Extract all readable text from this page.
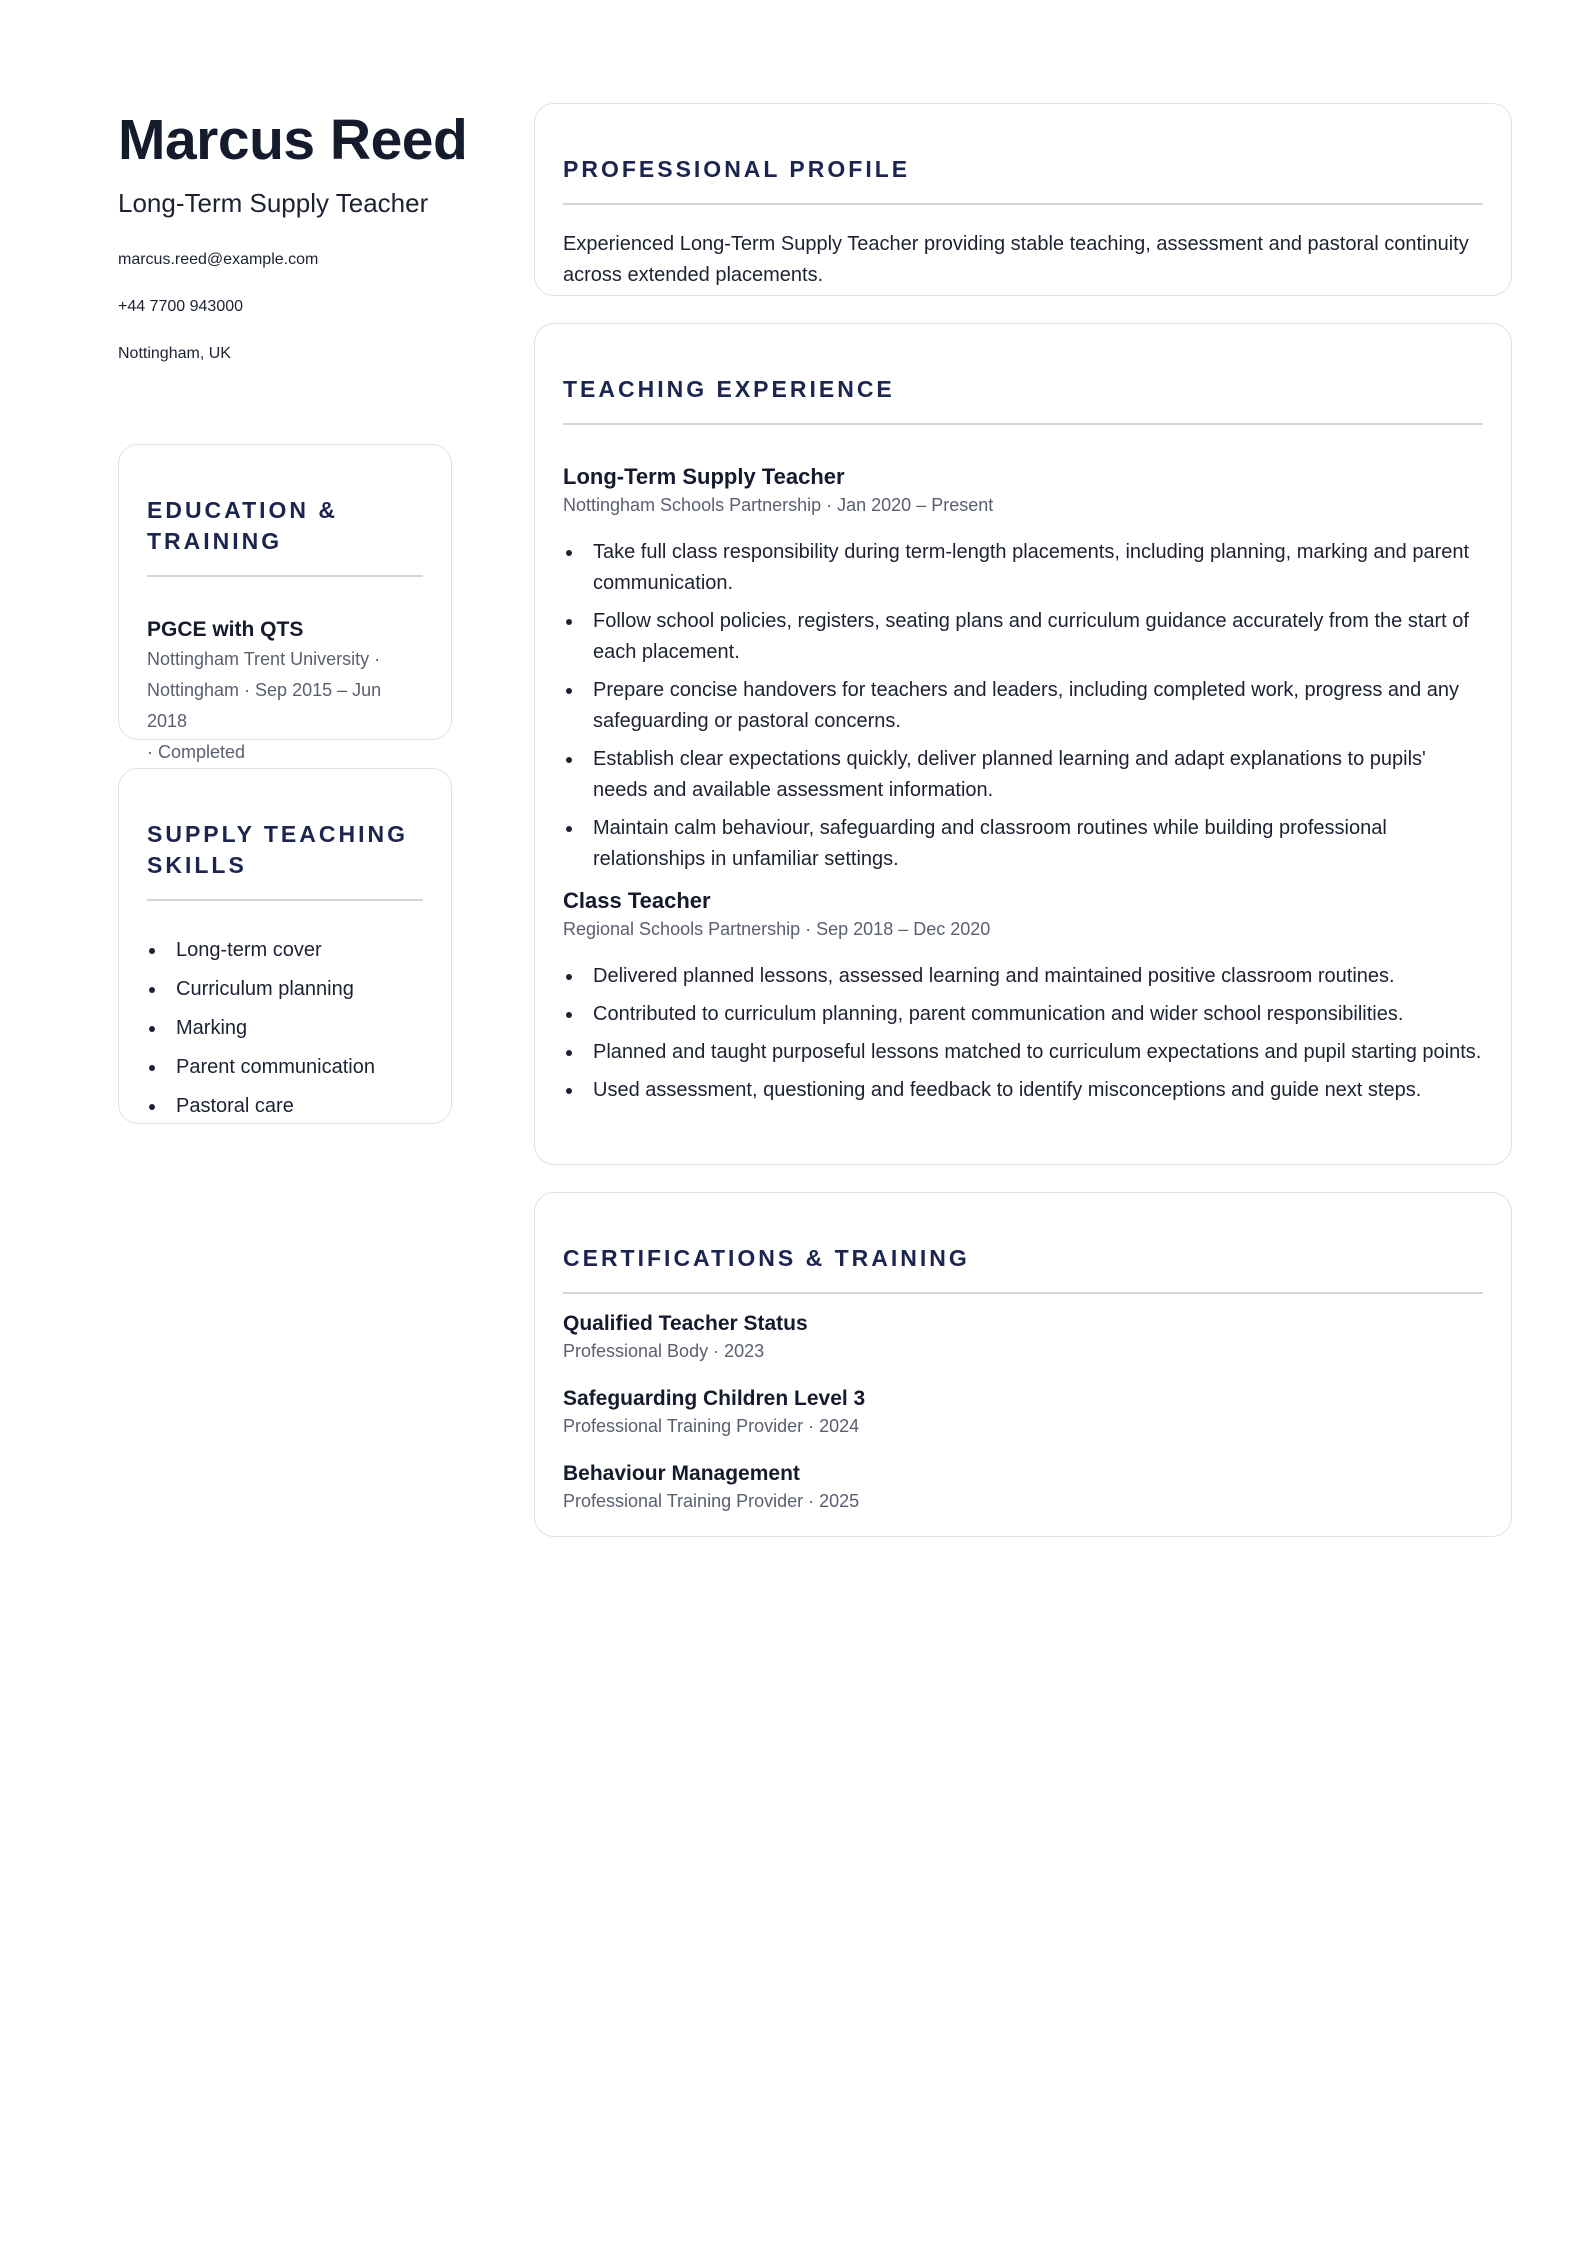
Marcus Reed
Long-Term Supply Teacher
marcus.reed@example.com
+44 7700 943000
Nottingham, UK
EDUCATION &
TRAINING
PGCE with QTS
Nottingham Trent University ·
Nottingham · Sep 2015 – Jun 2018
· Completed
SUPPLY TEACHING
SKILLS
Long-term cover
Curriculum planning
Marking
Parent communication
Pastoral care
PROFESSIONAL PROFILE
Experienced Long-Term Supply Teacher providing stable teaching, assessment and pastoral continuity across extended placements.
TEACHING EXPERIENCE
Long-Term Supply Teacher
Nottingham Schools Partnership · Jan 2020 – Present
Take full class responsibility during term-length placements, including planning, marking and parent communication.
Follow school policies, registers, seating plans and curriculum guidance accurately from the start of each placement.
Prepare concise handovers for teachers and leaders, including completed work, progress and any safeguarding or pastoral concerns.
Establish clear expectations quickly, deliver planned learning and adapt explanations to pupils' needs and available assessment information.
Maintain calm behaviour, safeguarding and classroom routines while building professional relationships in unfamiliar settings.
Class Teacher
Regional Schools Partnership · Sep 2018 – Dec 2020
Delivered planned lessons, assessed learning and maintained positive classroom routines.
Contributed to curriculum planning, parent communication and wider school responsibilities.
Planned and taught purposeful lessons matched to curriculum expectations and pupil starting points.
Used assessment, questioning and feedback to identify misconceptions and guide next steps.
CERTIFICATIONS & TRAINING
Qualified Teacher Status
Professional Body · 2023
Safeguarding Children Level 3
Professional Training Provider · 2024
Behaviour Management
Professional Training Provider · 2025
